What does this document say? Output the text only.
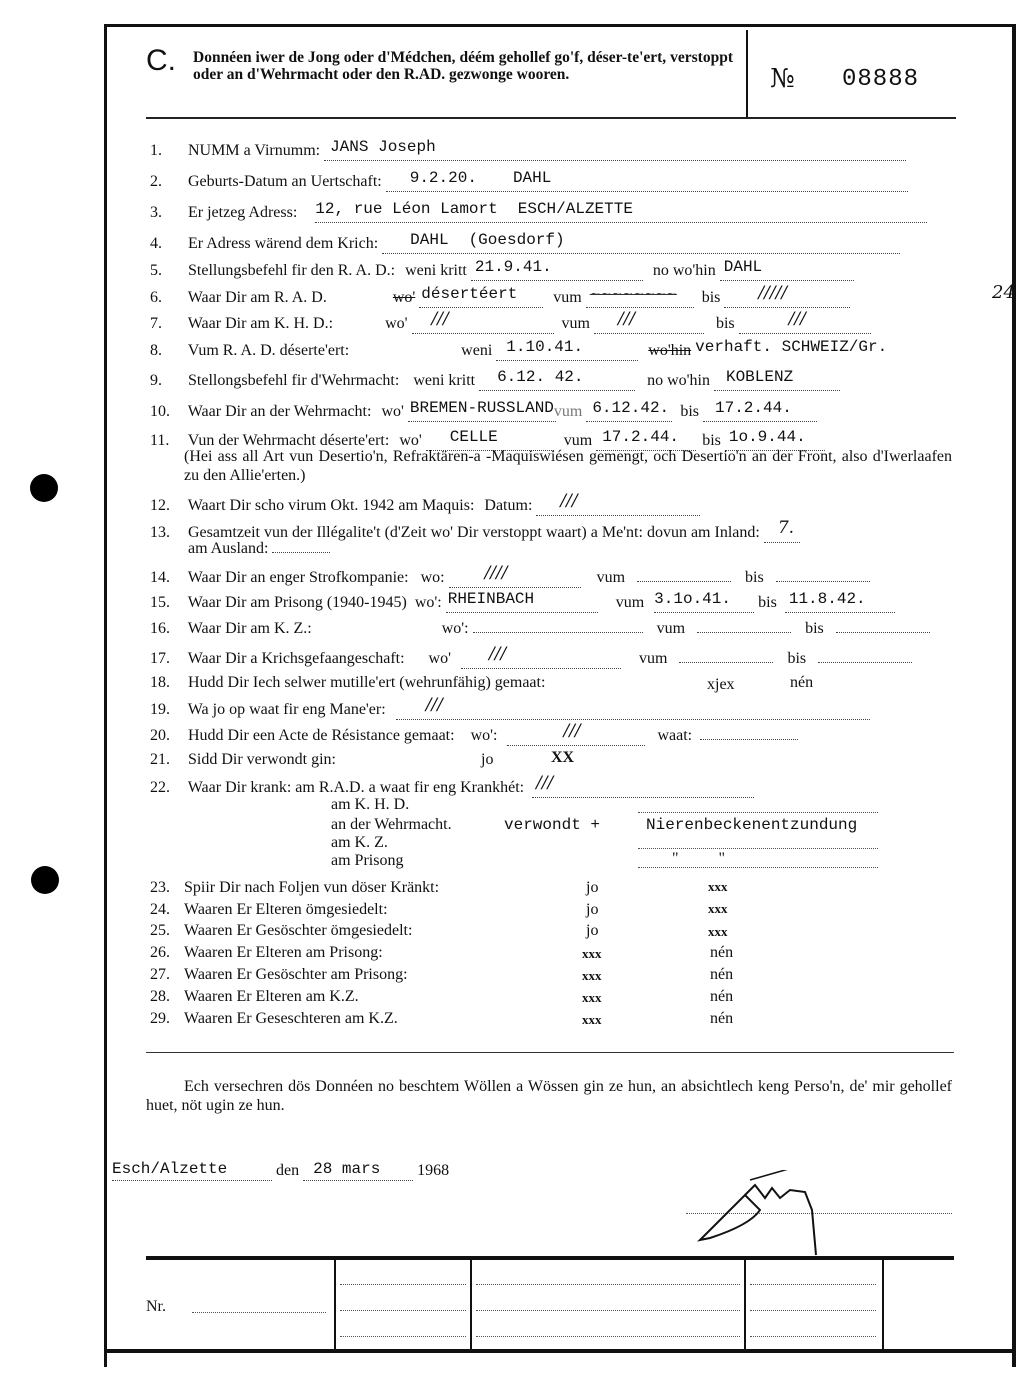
C. Donnéen iwer de Jong oder d'Médchen, déém gehollef go'f, déser-te'ert, verstoppt oder an d'Wehrmacht oder den R.AD. gezwonge wooren.	№ 08888
24
1. NUMM a Virnumm: JANS Joseph
2. Geburts-Datum an Uertschaft: 9.2.20. DAHL
3. Er jetzeg Adress: 12, rue Léon Lamort ESCH/ALZETTE
4. Er Adress wärend dem Krich: DAHL (Goesdorf)
5. Stellungsbefehl fir den R. A. D.: weni kritt 21.9.41.	no wo'hin DAHL
6. Waar Dir am R. A. D.	wo' désertéert vum ​~~~~~~~~ bis /////
7. Waar Dir am K. H. D.:	wo' ///	vum ///	bis	///
8. Vum R. A. D. déserte'ert:	weni 1.10.41.	wo'hin verhaft. SCHWEIZ/Gr.
9. Stellongsbefehl fir d'Wehrmacht: weni kritt 6.12. 42.	no wo'hin KOBLENZ
10. Waar Dir an der Wehrmacht: wo' BREMEN-RUSSLAND vum 6.12.42. bis 17.2.44.
11. Vun der Wehrmacht déserte'ert: wo' CELLE	vum 17.2.44. bis 1o.9.44.
(Hei ass all Art vun Desertio'n, Refraktären-a -Maquiswiésen gemengt, och Desertio'n an der Front, also d'Iwerlaafen zu den Allie'erten.)
12. Waart Dir scho virum Okt. 1942 am Maquis: Datum: ///
13. Gesamtzeit vun der Illégalite't (d'Zeit wo' Dir verstoppt waart) a Me'nt: dovun am Inland: 7.
am Ausland:
14. Waar Dir an enger Strofkompanie: wo: ////	vum	bis
15. Waar Dir am Prisong (1940-1945) wo': RHEINBACH	vum 3.1o.41. bis 11.8.42.
16. Waar Dir am K. Z.:	wo':	vum	bis
17. Waar Dir a Krichsgefaangeschaft: wo' ///	vum	bis
18. Hudd Dir Iech selwer mutille'ert (wehrunfähig) gemaat:	xjex	nén
19. Wa jo op waat fir eng Mane'er: ///
20. Hudd Dir een Acte de Résistance gemaat: wo':	///	waat:
21. Sidd Dir verwondt gin:	jo	XX
22. Waar Dir krank: am R.A.D. a waat fir eng Krankhét: ///
am K. H. D.
an der Wehrmacht.	verwondt +	Nierenbeckenentzundung
am K. Z.
am Prisong	"          "
23. Spiir Dir nach Foljen vun döser Kränkt:	jo	xxx
24. Waaren Er Elteren ömgesiedelt:	jo	xxx
25. Waaren Er Gesöschter ömgesiedelt:	jo	xxx
26. Waaren Er Elteren am Prisong:	xxx	nén
27. Waaren Er Gesöschter am Prisong:	xxx	nén
28. Waaren Er Elteren am K.Z.	xxx	nén
29. Waaren Er Geseschteren am K.Z.	xxx	nén
Ech versechren dös Donnéen no beschtem Wöllen a Wössen gin ze hun, an absichtlech keng Perso'n, de' mir gehollef huet, nöt ugin ze hun.
Esch/Alzette	den 28 mars 1968
Nr.
